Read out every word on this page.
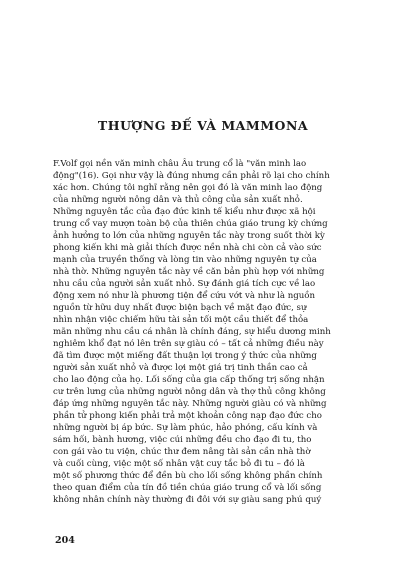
THƯỢNG ĐẾ VÀ MAMMONA
F.Volf gọi nền văn minh châu Âu trung cổ là "văn minh lao
động"(16). Gọi như vậy là đúng nhưng cần phải rõ lại cho chính
xác hơn. Chúng tôi nghĩ rằng nên gọi đó là văn minh lao động
của những người nông dân và thủ công của sản xuất nhỏ.
Những nguyên tắc của đạo đức kinh tế kiểu như được xã hội
trung cổ vay mượn toàn bộ của thiên chúa giáo trung kỳ chứng
ảnh hưởng to lớn của những nguyên tắc này trong suốt thời kỳ
phong kiến khi mà giải thích được nền nhà chi còn cả vào sức
mạnh của truyền thống và lòng tin vào những nguyên tự của
nhà thờ. Những nguyên tắc này về căn bản phù hợp với những
nhu cầu của người sản xuất nhỏ. Sự đánh giá tích cực về lao
động xem nó như là phương tiện để cứu vớt và như là nguồn
nguồn từ hữu duy nhất được biện bạch về mặt đạo đức, sự
nhìn nhận việc chiếm hữu tài sản tối một cầu thiết để thỏa
mãn những nhu cầu cá nhân là chính đáng, sự hiểu dương minh
nghiêm khổ đạt nó lên trên sự giàu có – tất cả những điều này
đã tìm được một miếng đất thuận lợi trong ý thức của những
người sản xuất nhỏ và được lợi một giá trị tinh thần cao cả
cho lao động của họ. Lối sống của gia cấp thống trị sống nhận
cư trên lưng của những người nông dân và thợ thủ công không
đáp ứng những nguyên tắc này. Những người giàu có và những
phần tử phong kiến phải trả một khoản công nạp đạo đức cho
những người bị áp bức. Sự làm phúc, hảo phóng, cấu kính và
sám hối, bành hương, việc cúi những đều cho đạo đi tu, tho
con gái vào tu viện, chúc thư đem nâng tài sản cần nhà thờ
và cuối cùng, việc một số nhân vật cuy tắc bỏ đi tu – đó là
một số phương thức để đền bù cho lối sống không phần chính
theo quan điểm của tín đồ tiền chúa giáo trung cổ và lối sống
không nhân chính này thường đi đôi với sự giàu sang phú quý
204
